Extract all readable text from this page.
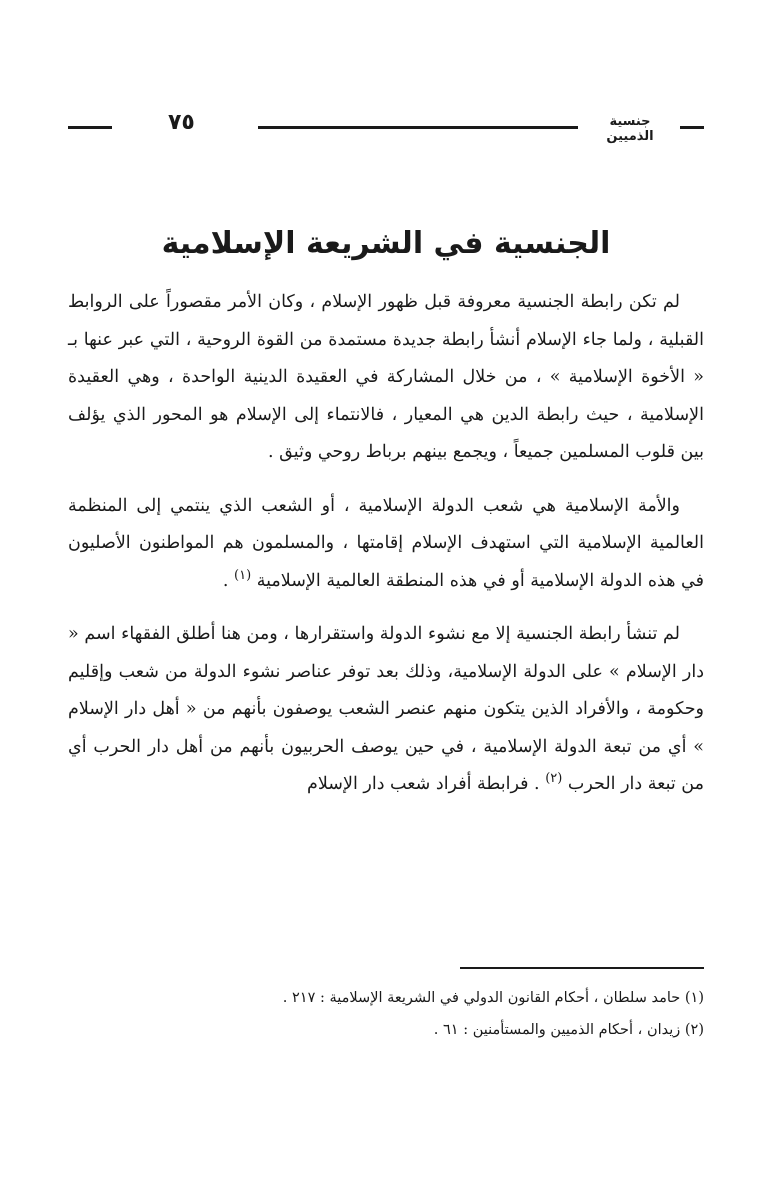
٧٥	جنسية الذميين
الجنسية في الشريعة الإسلامية

لم تكن رابطة الجنسية معروفة قبل ظهور الإسلام ، وكان الأمر مقصوراً على الروابط القبلية ، ولما جاء الإسلام أنشأ رابطة جديدة مستمدة من القوة الروحية ، التي عبر عنها بـ « الأخوة الإسلامية » ، من خلال المشاركة في العقيدة الدينية الواحدة ، وهي العقيدة الإسلامية ، حيث رابطة الدين هي المعيار ، فالانتماء إلى الإسلام هو المحور الذي يؤلف بين قلوب المسلمين جميعاً ، ويجمع بينهم برباط روحي وثيق .

والأمة الإسلامية هي شعب الدولة الإسلامية ، أو الشعب الذي ينتمي إلى المنظمة العالمية الإسلامية التي استهدف الإسلام إقامتها ، والمسلمون هم المواطنون الأصليون في هذه الدولة الإسلامية أو في هذه المنطقة العالمية الإسلامية $^{(١)}$ .

لم تنشأ رابطة الجنسية إلا مع نشوء الدولة واستقرارها ، ومن هنا أطلق الفقهاء اسم « دار الإسلام » على الدولة الإسلامية، وذلك بعد توفر عناصر نشوء الدولة من شعب وإقليم وحكومة ، والأفراد الذين يتكون منهم عنصر الشعب يوصفون بأنهم من « أهل دار الإسلام » أي من تبعة الدولة الإسلامية ، في حين يوصف الحربيون بأنهم من أهل دار الحرب أي من تبعة دار الحرب $^{(٢)}$ . فرابطة أفراد شعب دار الإسلام

(١) حامد سلطان ، أحكام القانون الدولي في الشريعة الإسلامية : ٢١٧ .

(٢) زيدان ، أحكام الذميين والمستأمنين : ٦١ .
